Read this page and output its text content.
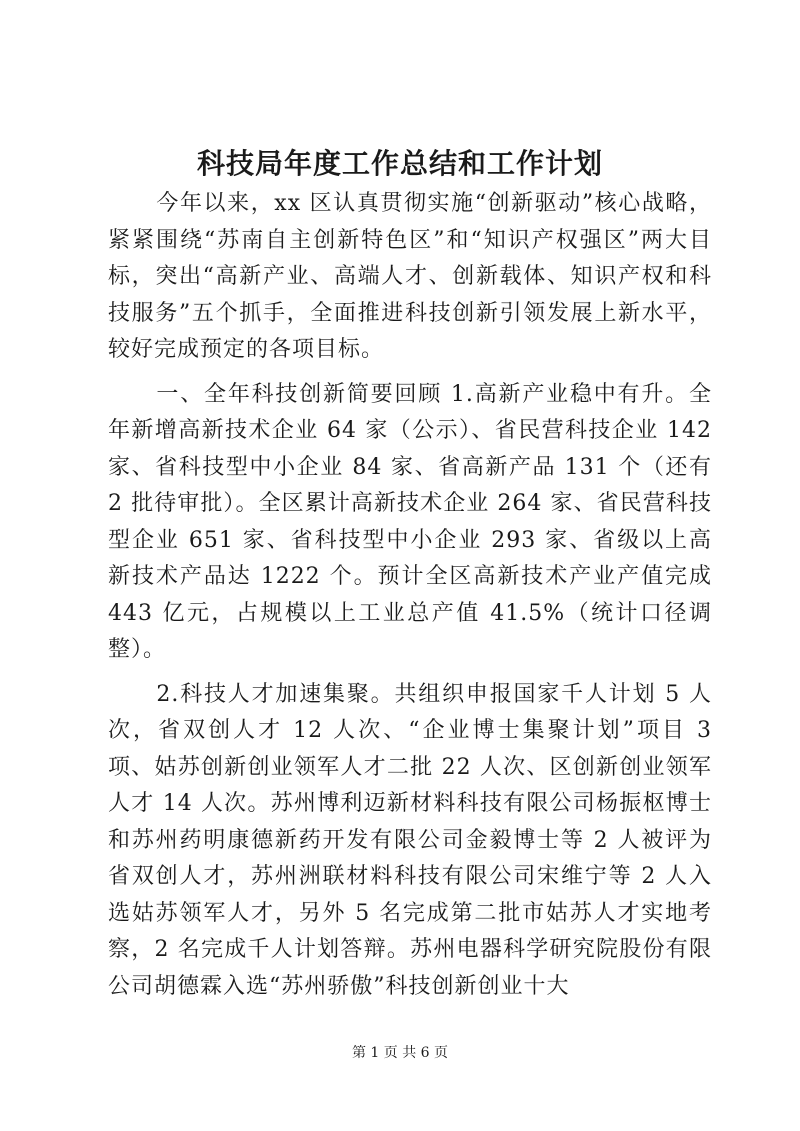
科技局年度工作总结和工作计划

今年以来，xx 区认真贯彻实施“创新驱动”核心战略，紧紧围绕“苏南自主创新特色区”和“知识产权强区”两大目标，突出“高新产业、高端人才、创新载体、知识产权和科技服务”五个抓手，全面推进科技创新引领发展上新水平，较好完成预定的各项目标。

一、全年科技创新简要回顾 1.高新产业稳中有升。全年新增高新技术企业 64 家（公示）、省民营科技企业 142 家、省科技型中小企业 84 家、省高新产品 131 个（还有 2 批待审批）。全区累计高新技术企业 264 家、省民营科技型企业 651 家、省科技型中小企业 293 家、省级以上高新技术产品达 1222 个。预计全区高新技术产业产值完成 443 亿元，占规模以上工业总产值 41.5%（统计口径调整）。

2.科技人才加速集聚。共组织申报国家千人计划 5 人次，省双创人才 12 人次、“企业博士集聚计划”项目 3 项、姑苏创新创业领军人才二批 22 人次、区创新创业领军人才 14 人次。苏州博利迈新材料科技有限公司杨振枢博士和苏州药明康德新药开发有限公司金毅博士等 2 人被评为省双创人才，苏州洲联材料科技有限公司宋维宁等 2 人入选姑苏领军人才，另外 5 名完成第二批市姑苏人才实地考察，2 名完成千人计划答辩。苏州电器科学研究院股份有限公司胡德霖入选“苏州骄傲”科技创新创业十大

第 1 页 共 6 页
